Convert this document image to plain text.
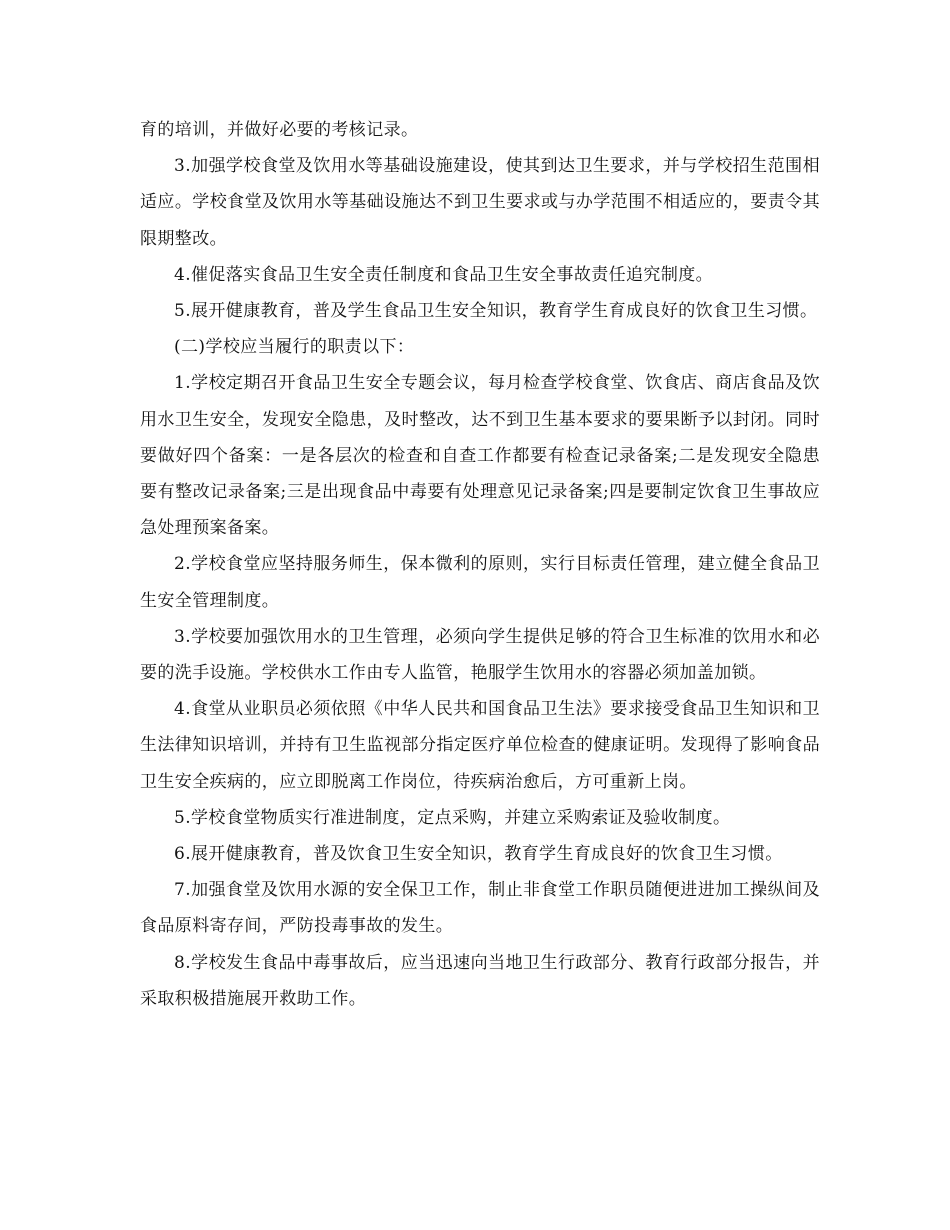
育的培训，并做好必要的考核记录。

3.加强学校食堂及饮用水等基础设施建设，使其到达卫生要求，并与学校招生范围相适应。学校食堂及饮用水等基础设施达不到卫生要求或与办学范围不相适应的，要责令其限期整改。

4.催促落实食品卫生安全责任制度和食品卫生安全事故责任追究制度。

5.展开健康教育，普及学生食品卫生安全知识，教育学生育成良好的饮食卫生习惯。

(二)学校应当履行的职责以下：

1.学校定期召开食品卫生安全专题会议，每月检查学校食堂、饮食店、商店食品及饮用水卫生安全，发现安全隐患，及时整改，达不到卫生基本要求的要果断予以封闭。同时要做好四个备案：一是各层次的检查和自查工作都要有检查记录备案;二是发现安全隐患要有整改记录备案;三是出现食品中毒要有处理意见记录备案;四是要制定饮食卫生事故应急处理预案备案。

2.学校食堂应坚持服务师生，保本微利的原则，实行目标责任管理，建立健全食品卫生安全管理制度。

3.学校要加强饮用水的卫生管理，必须向学生提供足够的符合卫生标准的饮用水和必要的洗手设施。学校供水工作由专人监管，艳服学生饮用水的容器必须加盖加锁。

4.食堂从业职员必须依照《中华人民共和国食品卫生法》要求接受食品卫生知识和卫生法律知识培训，并持有卫生监视部分指定医疗单位检查的健康证明。发现得了影响食品卫生安全疾病的，应立即脱离工作岗位，待疾病治愈后，方可重新上岗。

5.学校食堂物质实行准进制度，定点采购，并建立采购索证及验收制度。

6.展开健康教育，普及饮食卫生安全知识，教育学生育成良好的饮食卫生习惯。

7.加强食堂及饮用水源的安全保卫工作，制止非食堂工作职员随便进进加工操纵间及食品原料寄存间，严防投毒事故的发生。

8.学校发生食品中毒事故后，应当迅速向当地卫生行政部分、教育行政部分报告，并采取积极措施展开救助工作。
